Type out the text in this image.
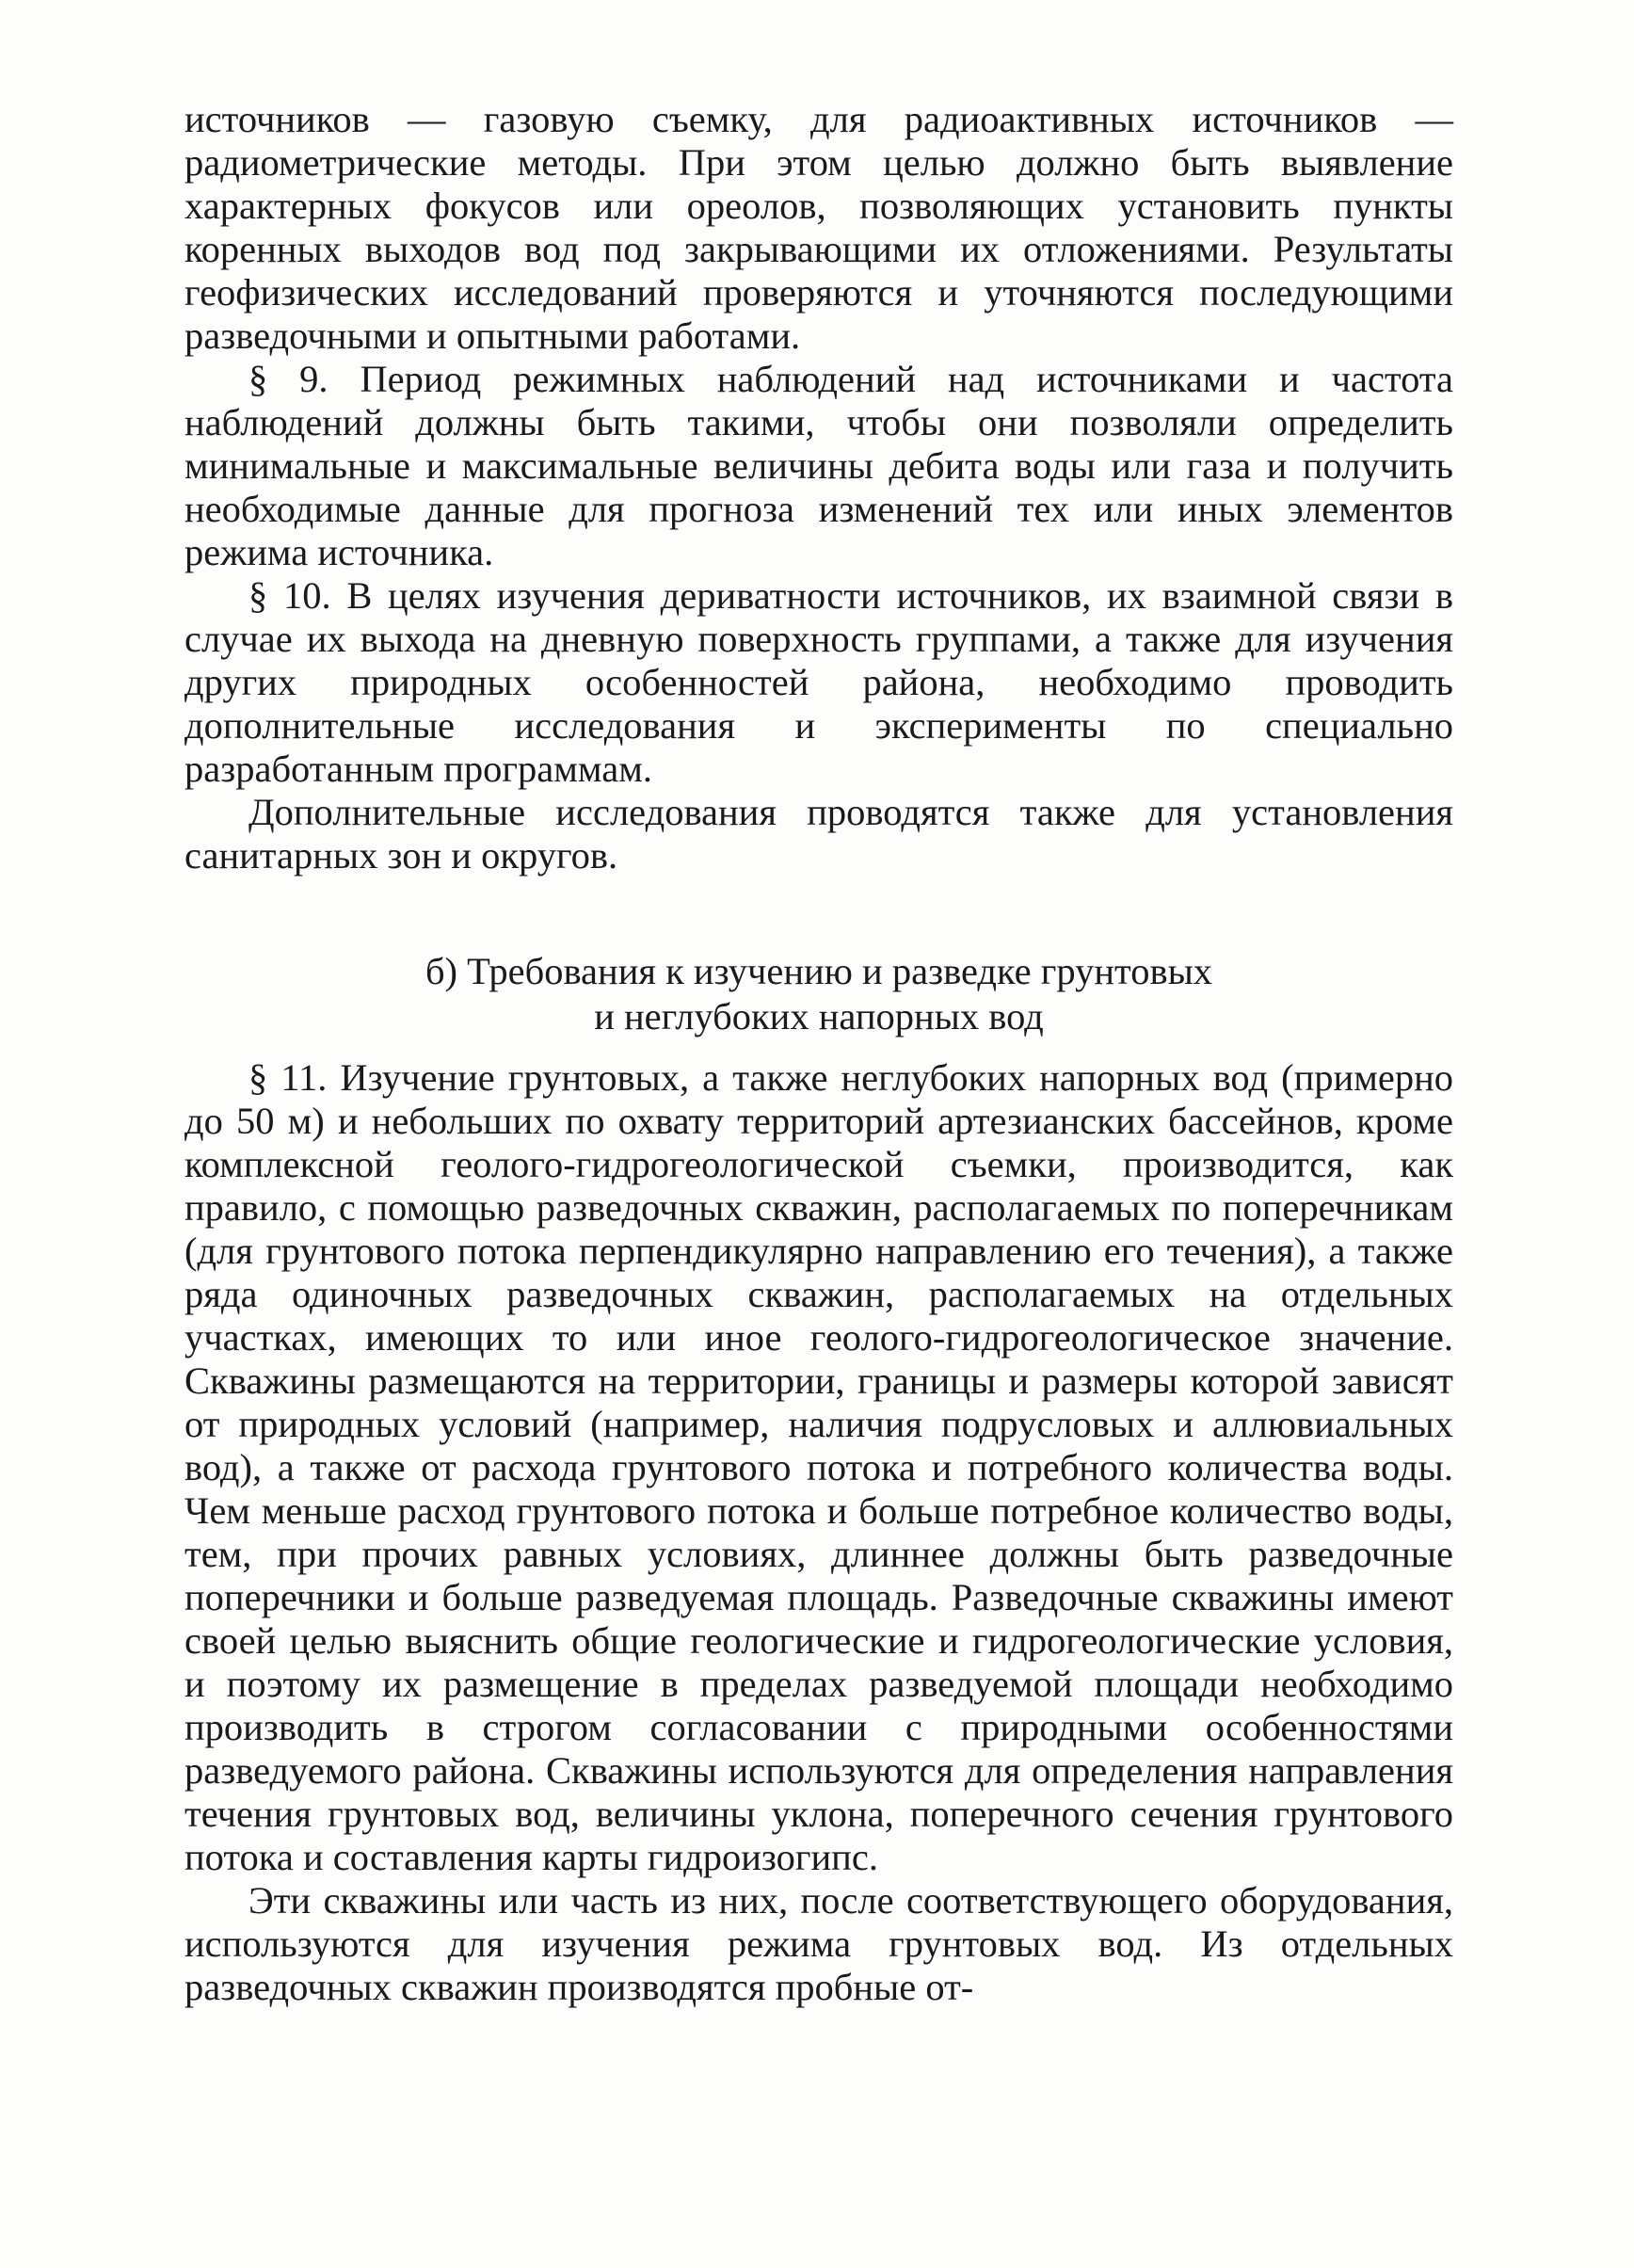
источников — газовую съемку, для радиоактивных источников — радиометрические методы. При этом целью должно быть выявление характерных фокусов или ореолов, позволяющих установить пункты коренных выходов вод под закрывающими их отложениями. Результаты геофизических исследований проверяются и уточняются последующими разведочными и опытными работами.

§ 9. Период режимных наблюдений над источниками и частота наблюдений должны быть такими, чтобы они позволяли определить минимальные и максимальные величины дебита воды или газа и получить необходимые данные для прогноза изменений тех или иных элементов режима источника.

§ 10. В целях изучения дериватности источников, их взаимной связи в случае их выхода на дневную поверхность группами, а также для изучения других природных особенностей района, необходимо проводить дополнительные исследования и эксперименты по специально разработанным программам.

Дополнительные исследования проводятся также для установления санитарных зон и округов.

б) Требования к изучению и разведке грунтовых
и неглубоких напорных вод

§ 11. Изучение грунтовых, а также неглубоких напорных вод (примерно до 50 м) и небольших по охвату территорий артезианских бассейнов, кроме комплексной геолого-гидрогеологической съемки, производится, как правило, с помощью разведочных скважин, располагаемых по поперечникам (для грунтового потока перпендикулярно направлению его течения), а также ряда одиночных разведочных скважин, располагаемых на отдельных участках, имеющих то или иное геолого-гидрогеологическое значение. Скважины размещаются на территории, границы и размеры которой зависят от природных условий (например, наличия подрусловых и аллювиальных вод), а также от расхода грунтового потока и потребного количества воды. Чем меньше расход грунтового потока и больше потребное количество воды, тем, при прочих равных условиях, длиннее должны быть разведочные поперечники и больше разведуемая площадь. Разведочные скважины имеют своей целью выяснить общие геологические и гидрогеологические условия, и поэтому их размещение в пределах разведуемой площади необходимо производить в строгом согласовании с природными особенностями разведуемого района. Скважины используются для определения направления течения грунтовых вод, величины уклона, поперечного сечения грунтового потока и составления карты гидроизогипс.

Эти скважины или часть из них, после соответствующего оборудования, используются для изучения режима грунтовых вод. Из отдельных разведочных скважин производятся пробные от-
